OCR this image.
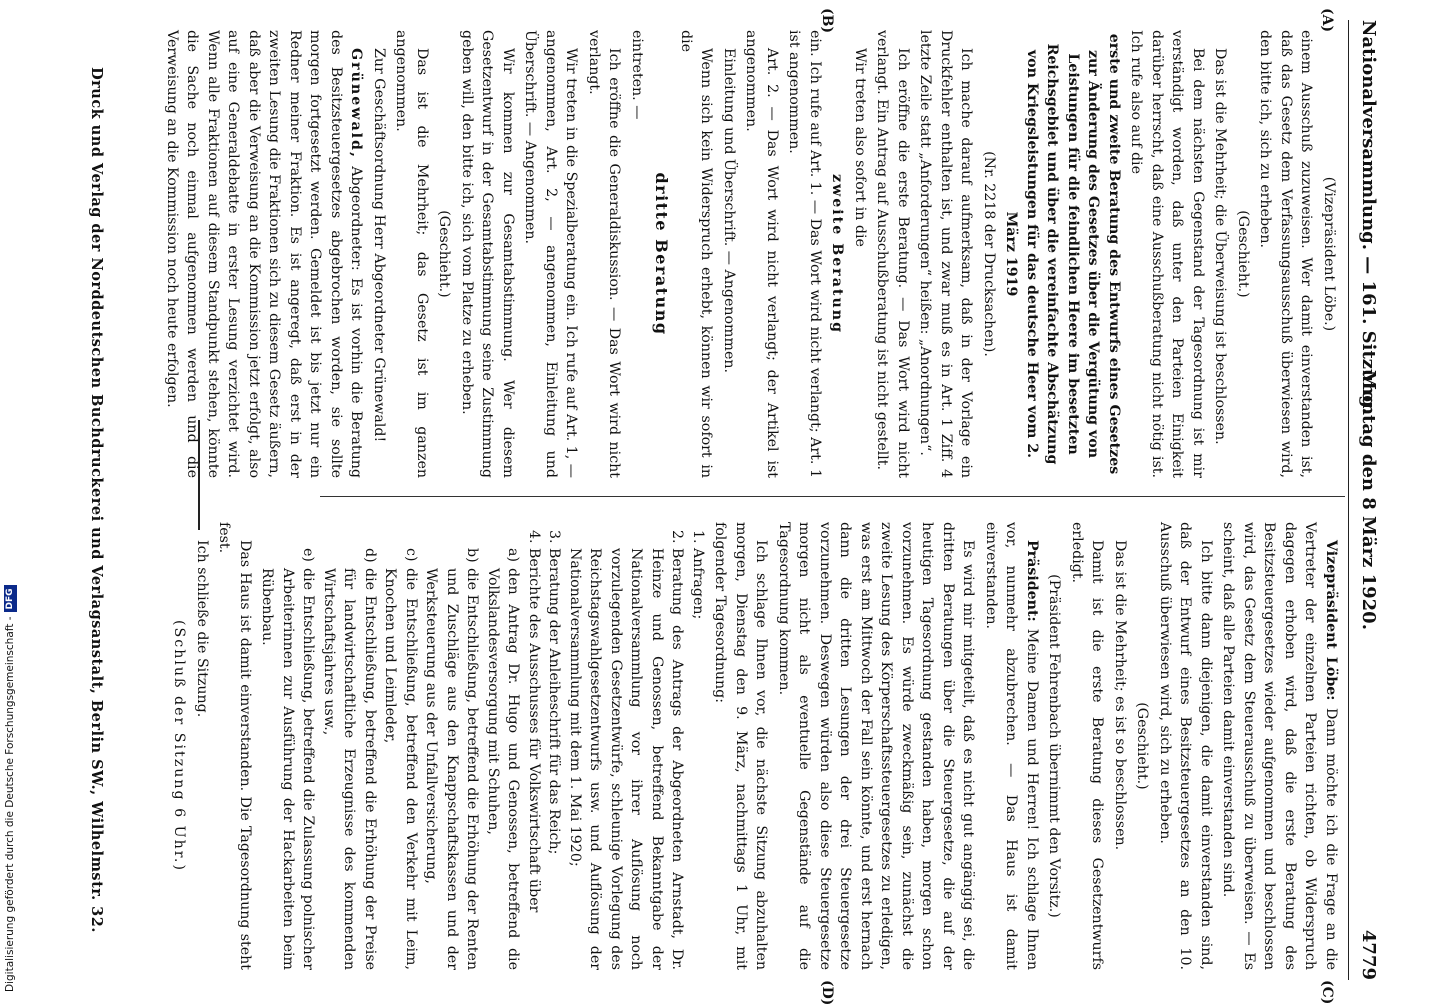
Digitalisierung gefördert durch die Deutsche Forschungsgemeinschaft -
DFG
Nationalversammlung. — 161. Sitzung.
Montag den 8 März 1920.
4779
(A)
(B)
(C)
(D)
(Vizepräsident Löbe.)

einem Ausschuß zuzuweisen. Wer damit einverstanden ist, daß das Gesetz dem Verfassungsausschuß überwiesen wird, den bitte ich, sich zu erheben.

(Geschieht.)

Das ist die Mehrheit; die Überweisung ist beschlossen.

Bei dem nächsten Gegenstand der Tagesordnung ist mir verständigt worden, daß unter den Parteien Einigkeit darüber herrscht, daß eine Ausschußberatung nicht nötig ist. Ich rufe also auf die

erste und zweite Beratung des Entwurfs eines Gesetzes zur Änderung des Gesetzes über die Vergütung von Leistungen für die feindlichen Heere im besetzten Reichsgebiet und über die vereinfachte Abschätzung von Kriegsleistungen für das deutsche Heer vom 2. März 1919
(Nr. 2218 der Drucksachen).

Ich mache darauf aufmerksam, daß in der Vorlage ein Druckfehler enthalten ist, und zwar muß es in Art. 1 Ziff. 4 letzte Zeile statt „Anforderungen“ heißen: „Anordnungen“.

Ich eröffne die erste Beratung. — Das Wort wird nicht verlangt. Ein Antrag auf Ausschußberatung ist nicht gestellt.

Wir treten also sofort in die

zweite Beratung

ein. Ich rufe auf Art. 1. — Das Wort wird nicht verlangt; Art. 1 ist angenommen.

Art. 2. — Das Wort wird nicht verlangt; der Artikel ist angenommen.

Einleitung und Überschrift. — Angenommen.

Wenn sich kein Widerspruch erhebt, können wir sofort in die

dritte Beratung

eintreten. —

Ich eröffne die Generaldiskussion. — Das Wort wird nicht verlangt.

Wir treten in die Spezialberatung ein. Ich rufe auf Art. 1, — angenommen, Art. 2, — angenommen, Einleitung und Überschrift. — Angenommen.

Wir kommen zur Gesamtabstimmung. Wer diesem Gesetzentwurf in der Gesamtabstimmung seine Zustimmung geben will, den bitte ich, sich vom Platze zu erheben.

(Geschieht.)

Das ist die Mehrheit; das Gesetz ist im ganzen angenommen.

Zur Geschäftsordnung Herr Abgeordneter Grünewald!

Grünewald, Abgeordneter: Es ist vorhin die Beratung des Besitzsteuergesetzes abgebrochen worden, sie sollte morgen fortgesetzt werden. Gemeldet ist bis jetzt nur ein Redner meiner Fraktion. Es ist angeregt, daß erst in der zweiten Lesung die Fraktionen sich zu diesem Gesetz äußern, daß aber die Verweisung an die Kommission jetzt erfolgt, also auf eine Generaldebatte in erster Lesung verzichtet wird. Wenn alle Fraktionen auf diesem Standpunkt stehen, könnte die Sache noch einmal aufgenommen werden und die Verweisung an die Kommission noch heute erfolgen.

Vizepräsident Löbe: Dann möchte ich die Frage an die Vertreter der einzelnen Parteien richten, ob Widerspruch dagegen erhoben wird, daß die erste Beratung des Besitzsteuergesetzes wieder aufgenommen und beschlossen wird, das Gesetz dem Steuerausschuß zu überweisen. — Es scheint, daß alle Parteien damit einverstanden sind.

Ich bitte dann diejenigen, die damit einverstanden sind, daß der Entwurf eines Besitzsteuergesetzes an den 10. Ausschuß überwiesen wird, sich zu erheben.

(Geschieht.)

Das ist die Mehrheit; es ist so beschlossen.

Damit ist die erste Beratung dieses Gesetzentwurfs erledigt.

(Präsident Fehrenbach übernimmt den Vorsitz.)

Präsident: Meine Damen und Herren! Ich schlage Ihnen vor, nunmehr abzubrechen. — Das Haus ist damit einverstanden.

Es wird mir mitgeteilt, daß es nicht gut angängig sei, die dritten Beratungen über die Steuergesetze, die auf der heutigen Tagesordnung gestanden haben, morgen schon vorzunehmen. Es würde zweckmäßig sein, zunächst die zweite Lesung des Körperschaftssteuergesetzes zu erledigen, was erst am Mittwoch der Fall sein könnte, und erst hernach dann die dritten Lesungen der drei Steuergesetze vorzunehmen. Deswegen würden also diese Steuergesetze morgen nicht als eventuelle Gegenstände auf die Tagesordnung kommen.

Ich schlage Ihnen vor, die nächste Sitzung abzuhalten morgen, Dienstag den 9. März, nachmittags 1 Uhr, mit folgender Tagesordnung:

1. Anfragen;
2. Beratung des Antrags der Abgeordneten Arnstadt, Dr. Heinze und Genossen, betreffend Bekanntgabe der Nationalversammlung vor ihrer Auflösung noch vorzulegenden Gesetzentwürfe, schleunige Vorlegung des Reichstagswahlgesetzentwurfs usw. und Auflösung der Nationalversammlung mit dem 1. Mai 1920;
3. Beratung der Anleiheschrift für das Reich;
4. Berichte des Ausschusses für Volkswirtschaft über
a)
den Antrag Dr. Hugo und Genossen, betreffend die Volkslandesversorgung mit Schuhen,
b)
die Entschließung, betreffend die Erhöhung der Renten und Zuschläge aus den Knappschaftskassen und der Werksteuerung aus der Unfallversicherung,
c)
die Entschließung, betreffend den Verkehr mit Leim, Knochen und Leimleder,
d)
die Entschließung, betreffend die Erhöhung der Preise für landwirtschaftliche Erzeugnisse des kommenden Wirtschaftsjahres usw.,
e)
die Entschließung, betreffend die Zulassung polnischer Arbeiterinnen zur Ausführung der Hackarbeiten beim Rübenbau.

Das Haus ist damit einverstanden. Die Tagesordnung steht fest.

Ich schließe die Sitzung.

(Schluß der Sitzung 6 Uhr.)
Druck und Verlag der Norddeutschen Buchdruckerei und Verlagsanstalt, Berlin SW., Wilhelmstr. 32.
